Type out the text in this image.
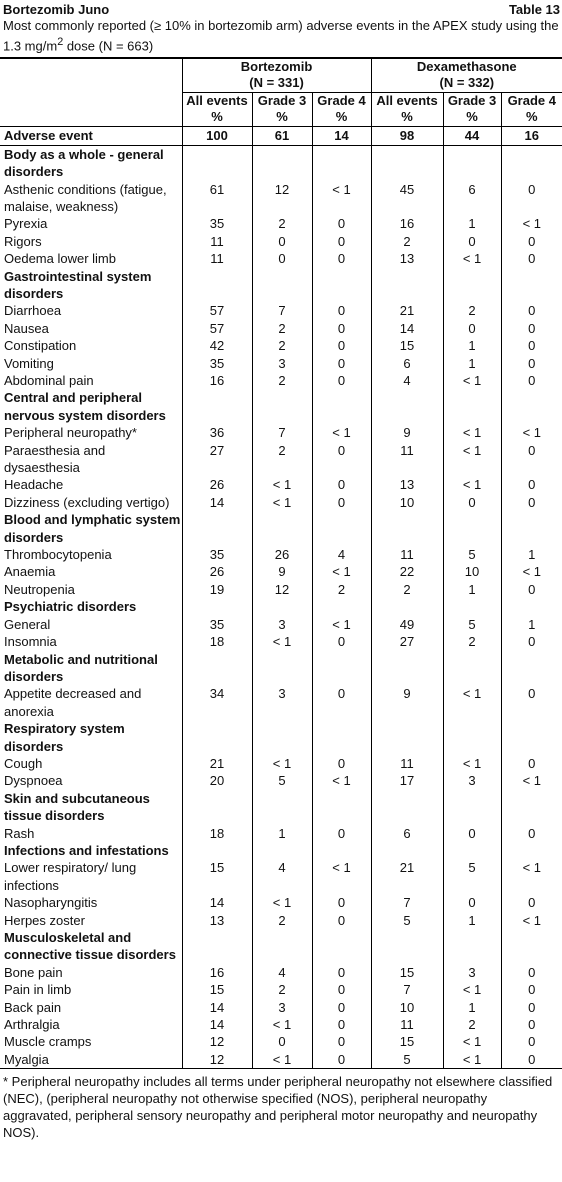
Bortezomib Juno	Table 13
Most commonly reported (≥ 10% in bortezomib arm) adverse events in the APEX study using the 1.3 $mg/m^2$ dose (N = 663)
	Bortezomib
(N = 331)			Dexamethasone
(N = 332)		
	All events
%	Grade 3
%	Grade 4
%	All events
%	Grade 3
%	Grade 4
%
Adverse event	100	61	14	98	44	16
Body as a whole - general disorders						
Asthenic conditions (fatigue, malaise, weakness)	61	12	< 1	45	6	0
Pyrexia	35	2	0	16	1	< 1
Rigors	11	0	0	2	0	0
Oedema lower limb	11	0	0	13	< 1	0
Gastrointestinal system disorders						
Diarrhoea	57	7	0	21	2	0
Nausea	57	2	0	14	0	0
Constipation	42	2	0	15	1	0
Vomiting	35	3	0	6	1	0
Abdominal pain	16	2	0	4	< 1	0
Central and peripheral nervous system disorders						
Peripheral neuropathy*	36	7	< 1	9	< 1	< 1
Paraesthesia and dysaesthesia	27	2	0	11	< 1	0
Headache	26	< 1	0	13	< 1	0
Dizziness (excluding vertigo)	14	< 1	0	10	0	0
Blood and lymphatic system disorders						
Thrombocytopenia	35	26	4	11	5	1
Anaemia	26	9	< 1	22	10	< 1
Neutropenia	19	12	2	2	1	0
Psychiatric disorders						
General	35	3	< 1	49	5	1
Insomnia	18	< 1	0	27	2	0
Metabolic and nutritional disorders						
Appetite decreased and anorexia	34	3	0	9	< 1	0
Respiratory system disorders						
Cough	21	< 1	0	11	< 1	0
Dyspnoea	20	5	< 1	17	3	< 1
Skin and subcutaneous tissue disorders						
Rash	18	1	0	6	0	0
Infections and infestations						
Lower respiratory/ lung infections	15	4	< 1	21	5	< 1
Nasopharyngitis	14	< 1	0	7	0	0
Herpes zoster	13	2	0	5	1	< 1
Musculoskeletal and connective tissue disorders						
Bone pain	16	4	0	15	3	0
Pain in limb	15	2	0	7	< 1	0
Back pain	14	3	0	10	1	0
Arthralgia	14	< 1	0	11	2	0
Muscle cramps	12	0	0	15	< 1	0
Myalgia	12	< 1	0	5	< 1	0
* Peripheral neuropathy includes all terms under peripheral neuropathy not elsewhere classified (NEC), (peripheral neuropathy not otherwise specified (NOS), peripheral neuropathy aggravated, peripheral sensory neuropathy and peripheral motor neuropathy and neuropathy NOS).
